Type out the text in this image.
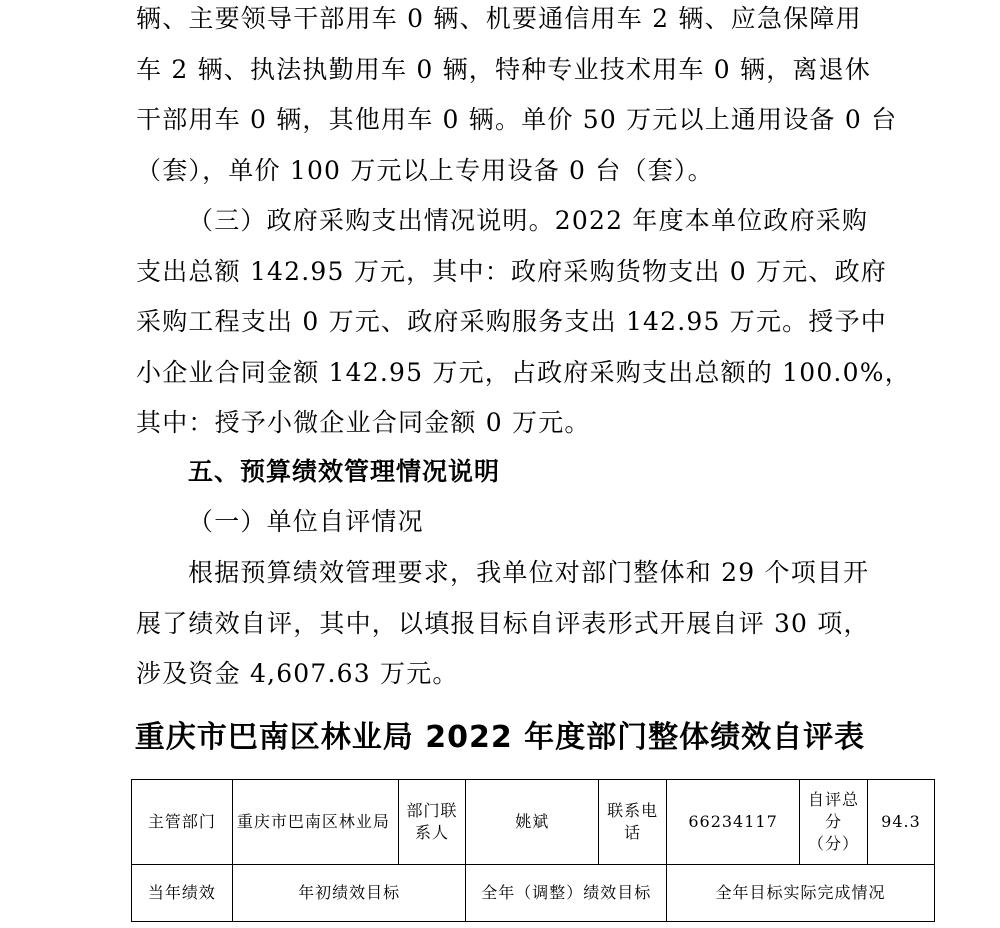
辆、主要领导干部用车 0 辆、机要通信用车 2 辆、应急保障用
车 2 辆、执法执勤用车 0 辆，特种专业技术用车 0 辆，离退休
干部用车 0 辆，其他用车 0 辆。单价 50 万元以上通用设备 0 台
（套），单价 100 万元以上专用设备 0 台（套）。
（三）政府采购支出情况说明。2022 年度本单位政府采购
支出总额 142.95 万元，其中：政府采购货物支出 0 万元、政府
采购工程支出 0 万元、政府采购服务支出 142.95 万元。授予中
小企业合同金额 142.95 万元，占政府采购支出总额的 100.0%，
其中：授予小微企业合同金额 0 万元。
五、预算绩效管理情况说明
（一）单位自评情况
根据预算绩效管理要求，我单位对部门整体和 29 个项目开
展了绩效自评，其中，以填报目标自评表形式开展自评 30 项，
涉及资金 4,607.63 万元。
重庆市巴南区林业局 2022 年度部门整体绩效自评表
主管部门	重庆市巴南区林业局	部门联系人	姚斌	联系电话	66234117	自评总分（分）	94.3
当年绩效	年初绩效目标		全年（调整）绩效目标		全年目标实际完成情况		
